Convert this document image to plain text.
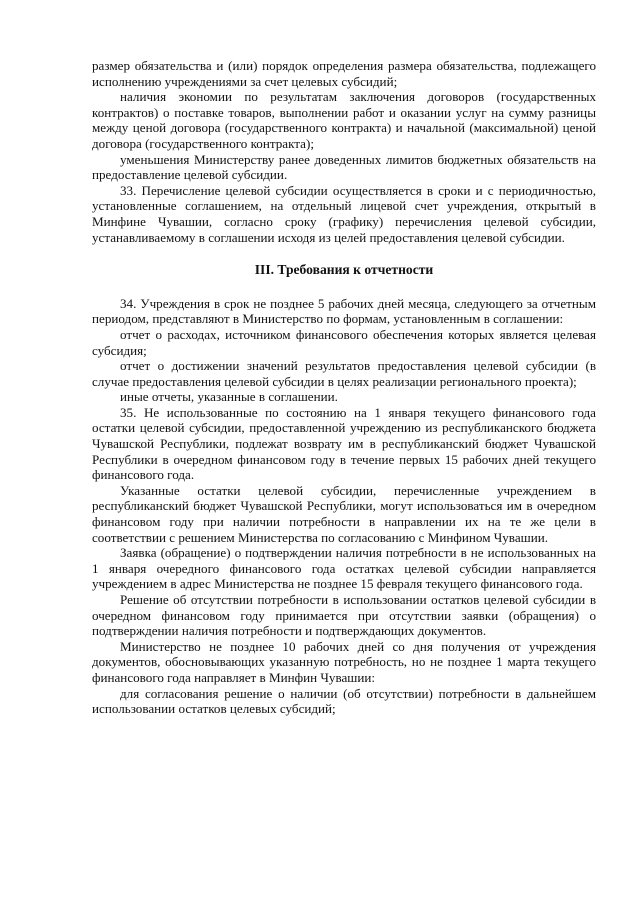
размер обязательства и (или) порядок определения размера обязательства, подлежащего исполнению учреждениями за счет целевых субсидий;

наличия экономии по результатам заключения договоров (государственных контрактов) о поставке товаров, выполнении работ и оказании услуг на сумму разницы между ценой договора (государственного контракта) и начальной (максимальной) ценой договора (государственного контракта);

уменьшения Министерству ранее доведенных лимитов бюджетных обязательств на предоставление целевой субсидии.

33. Перечисление целевой субсидии осуществляется в сроки и с периодичностью, установленные соглашением, на отдельный лицевой счет учреждения, открытый в Минфине Чувашии, согласно сроку (графику) перечисления целевой субсидии, устанавливаемому в соглашении исходя из целей предоставления целевой субсидии.

III. Требования к отчетности

34. Учреждения в срок не позднее 5 рабочих дней месяца, следующего за отчетным периодом, представляют в Министерство по формам, установленным в соглашении:

отчет о расходах, источником финансового обеспечения которых является целевая субсидия;

отчет о достижении значений результатов предоставления целевой субсидии (в случае предоставления целевой субсидии в целях реализации регионального проекта);

иные отчеты, указанные в соглашении.

35. Не использованные по состоянию на 1 января текущего финансового года остатки целевой субсидии, предоставленной учреждению из республиканского бюджета Чувашской Республики, подлежат возврату им в республиканский бюджет Чувашской Республики в очередном финансовом году в течение первых 15 рабочих дней текущего финансового года.

Указанные остатки целевой субсидии, перечисленные учреждением в республиканский бюджет Чувашской Республики, могут использоваться им в очередном финансовом году при наличии потребности в направлении их на те же цели в соответствии с решением Министерства по согласованию с Минфином Чувашии.

Заявка (обращение) о подтверждении наличия потребности в не использованных на 1 января очередного финансового года остатках целевой субсидии направляется учреждением в адрес Министерства не позднее 15 февраля текущего финансового года.

Решение об отсутствии потребности в использовании остатков целевой субсидии в очередном финансовом году принимается при отсутствии заявки (обращения) о подтверждении наличия потребности и подтверждающих документов.

Министерство не позднее 10 рабочих дней со дня получения от учреждения документов, обосновывающих указанную потребность, но не позднее 1 марта текущего финансового года направляет в Минфин Чувашии:

для согласования решение о наличии (об отсутствии) потребности в дальнейшем использовании остатков целевых субсидий;
